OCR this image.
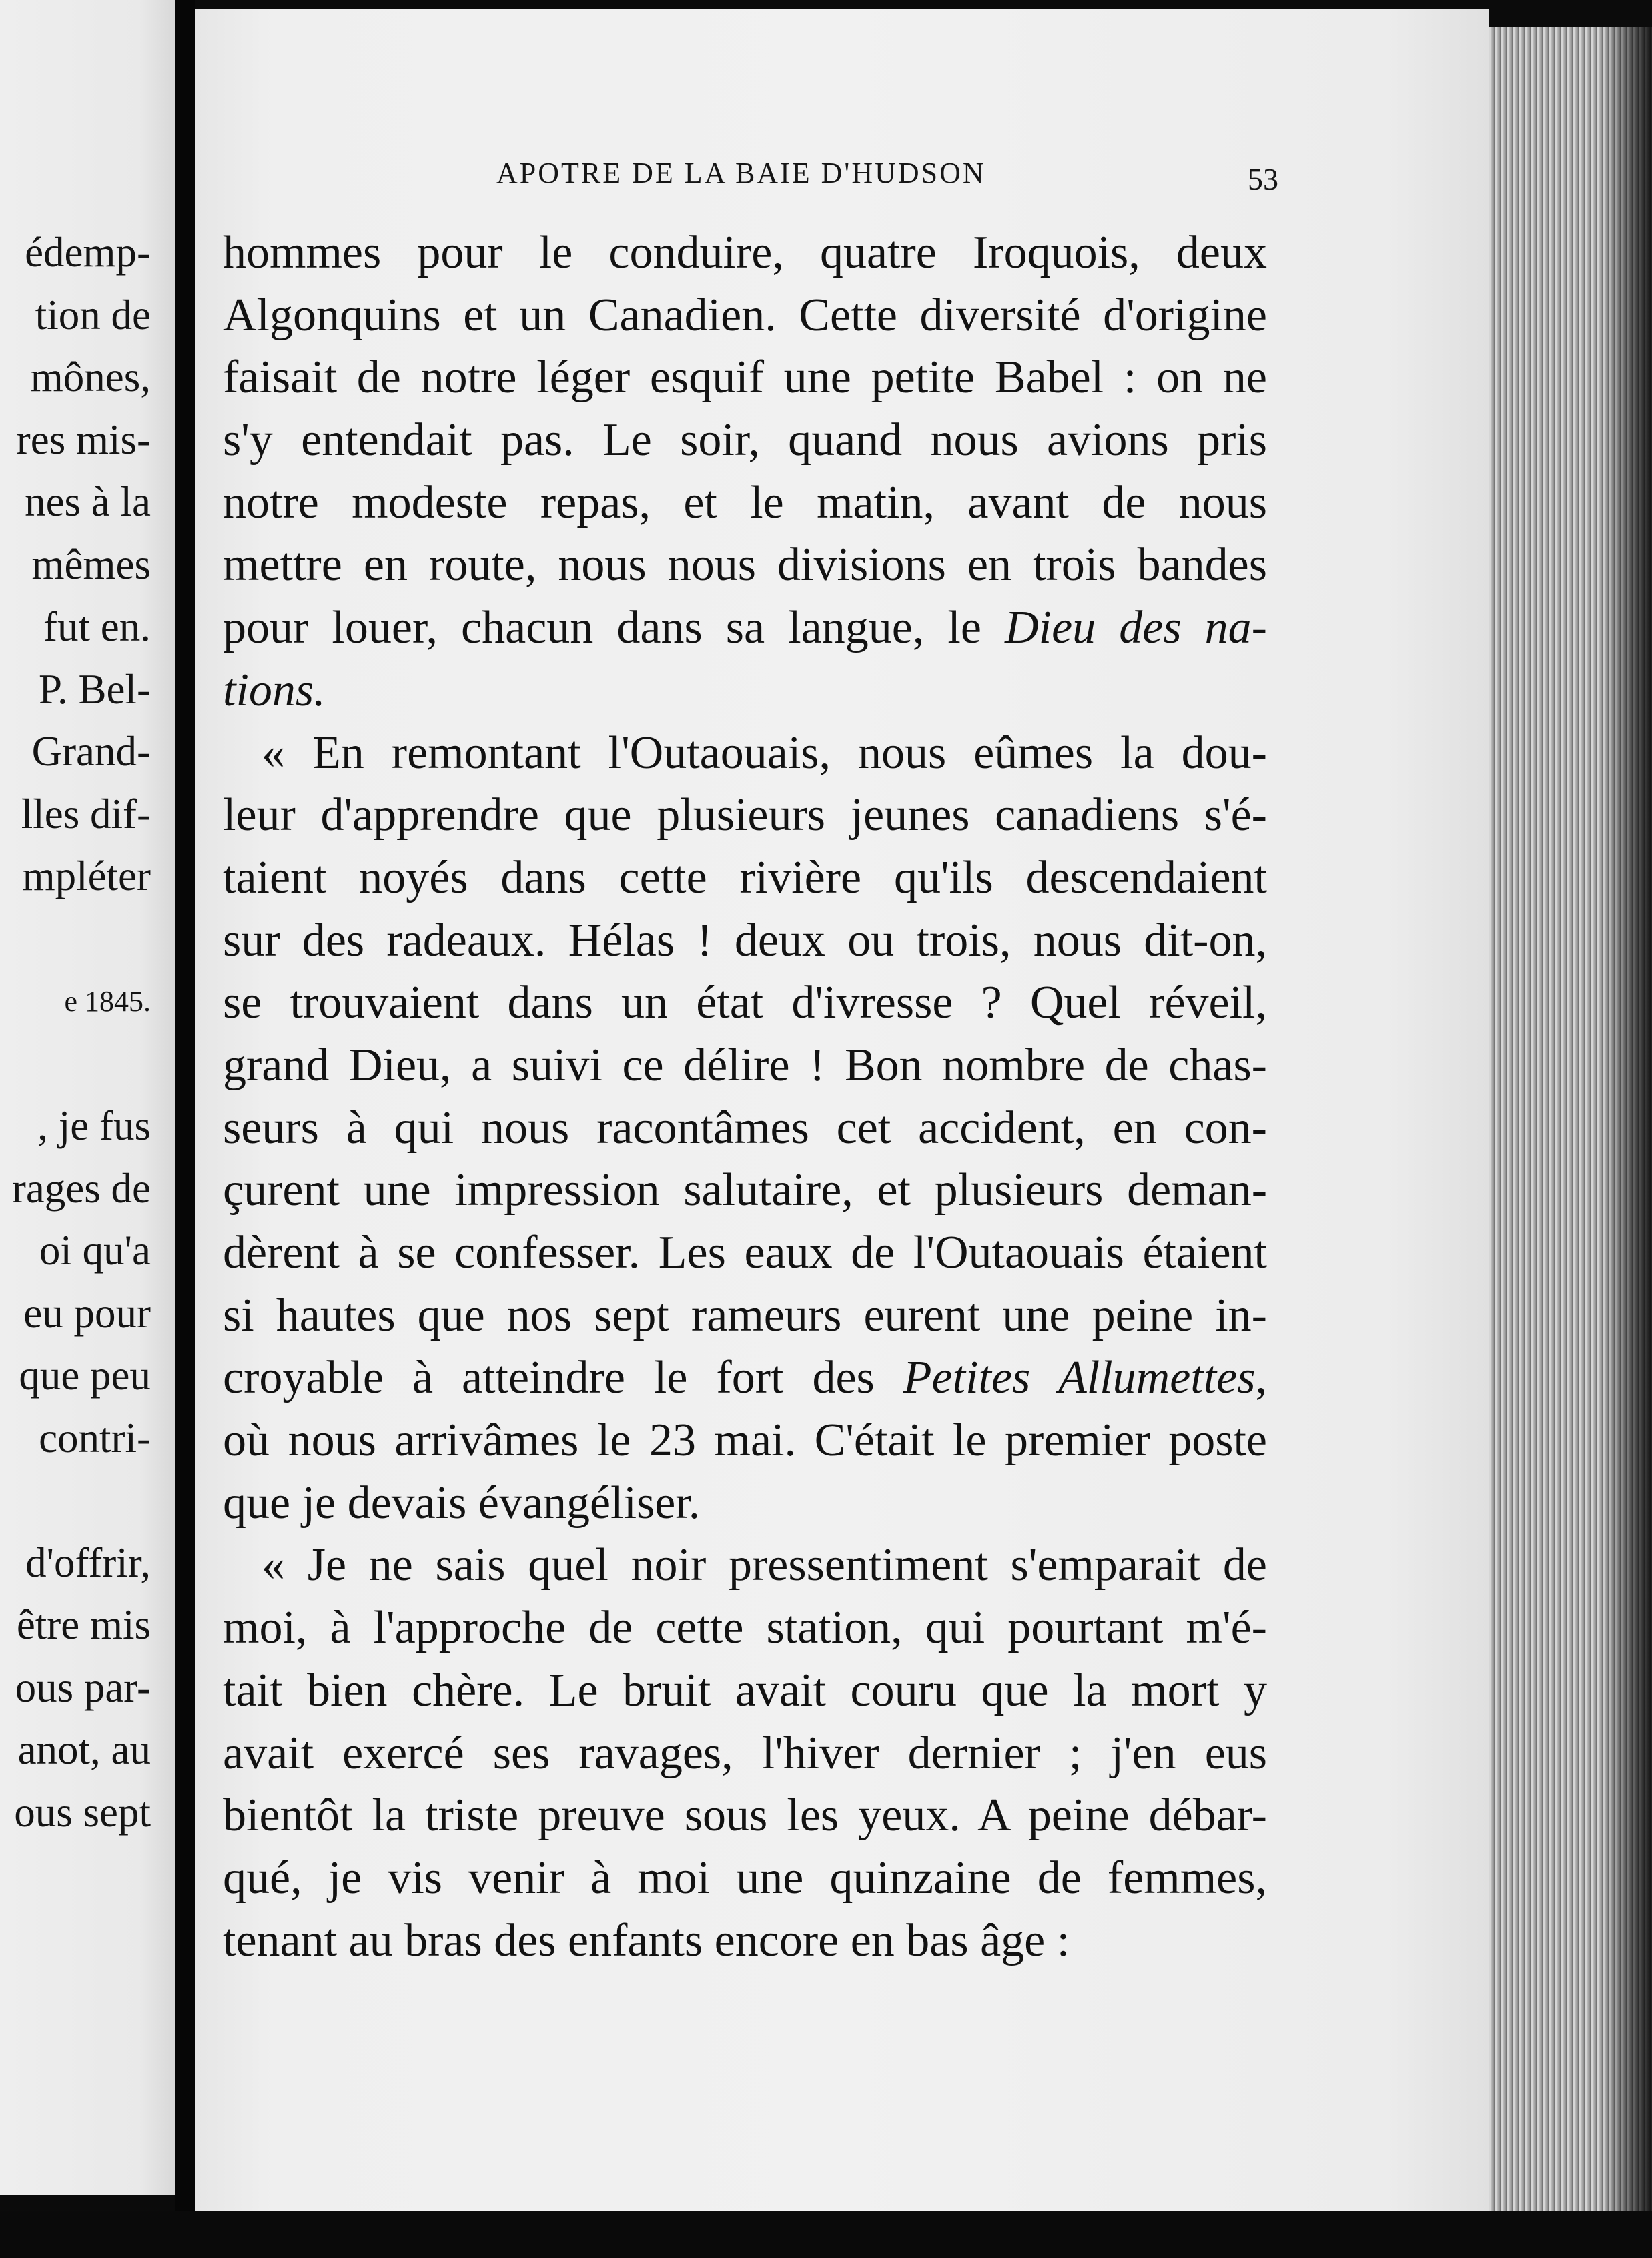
édemp-
tion de
mônes,
res mis-
nes à la
mêmes
fut en.
P. Bel-
Grand-
lles dif-
mpléter
e 1845.
, je fus
rages de
oi qu'a
eu pour
que peu
contri-
d'offrir,
être mis
ous par-
anot, au
ous sept
APOTRE DE LA BAIE D'HUDSON	53
hommes pour le conduire, quatre Iroquois, deux
Algonquins et un Canadien. Cette diversité d'origine
faisait de notre léger esquif une petite Babel : on ne
s'y entendait pas. Le soir, quand nous avions pris
notre modeste repas, et le matin, avant de nous
mettre en route, nous nous divisions en trois bandes
pour louer, chacun dans sa langue, le Dieu des na-
tions.
« En remontant l'Outaouais, nous eûmes la dou-
leur d'apprendre que plusieurs jeunes canadiens s'é-
taient noyés dans cette rivière qu'ils descendaient
sur des radeaux. Hélas ! deux ou trois, nous dit-on,
se trouvaient dans un état d'ivresse ? Quel réveil,
grand Dieu, a suivi ce délire ! Bon nombre de chas-
seurs à qui nous racontâmes cet accident, en con-
çurent une impression salutaire, et plusieurs deman-
dèrent à se confesser. Les eaux de l'Outaouais étaient
si hautes que nos sept rameurs eurent une peine in-
croyable à atteindre le fort des Petites Allumettes,
où nous arrivâmes le 23 mai. C'était le premier poste
que je devais évangéliser.
« Je ne sais quel noir pressentiment s'emparait de
moi, à l'approche de cette station, qui pourtant m'é-
tait bien chère. Le bruit avait couru que la mort y
avait exercé ses ravages, l'hiver dernier ; j'en eus
bientôt la triste preuve sous les yeux. A peine débar-
qué, je vis venir à moi une quinzaine de femmes,
tenant au bras des enfants encore en bas âge :
